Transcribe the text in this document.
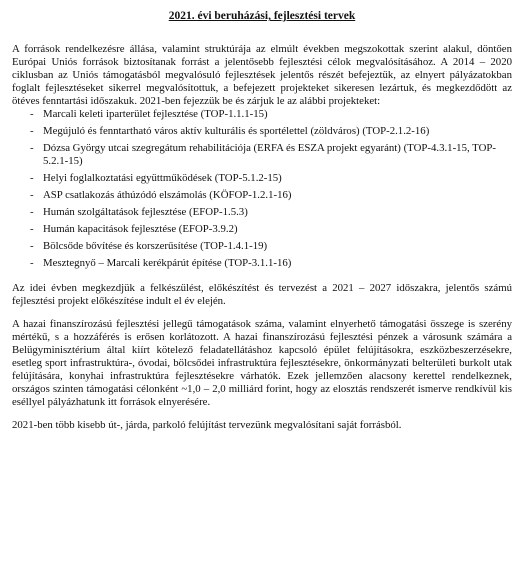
2021. évi beruházási, fejlesztési tervek

A források rendelkezésre állása, valamint struktúrája az elmúlt években megszokottak szerint alakul, döntően Európai Uniós források biztosítanak forrást a jelentősebb fejlesztési célok megvalósításához. A 2014 – 2020 ciklusban az Uniós támogatásból megvalósuló fejlesztések jelentős részét befejeztük, az elnyert pályázatokban foglalt fejlesztéseket sikerrel megvalósítottuk, a befejezett projekteket sikeresen lezártuk, és megkezdődött az ötéves fenntartási időszakuk. 2021-ben fejezzük be és zárjuk le az alábbi projekteket:

- Marcali keleti iparterület fejlesztése (TOP-1.1.1-15)
- Megújuló és fenntartható város aktív kulturális és sportélettel (zöldváros) (TOP-2.1.2-16)
- Dózsa György utcai szegregátum rehabilitációja (ERFA és ESZA projekt egyaránt) (TOP-4.3.1-15, TOP-5.2.1-15)
- Helyi foglalkoztatási együttműködések (TOP-5.1.2-15)
- ASP csatlakozás áthúzódó elszámolás (KÖFOP-1.2.1-16)
- Humán szolgáltatások fejlesztése (EFOP-1.5.3)
- Humán kapacitások fejlesztése (EFOP-3.9.2)
- Bölcsőde bővítése és korszerűsítése (TOP-1.4.1-19)
- Mesztegnyő – Marcali kerékpárút építése (TOP-3.1.1-16)

Az idei évben megkezdjük a felkészülést, előkészítést és tervezést a 2021 – 2027 időszakra, jelentős számú fejlesztési projekt előkészítése indult el év elején.

A hazai finanszírozású fejlesztési jellegű támogatások száma, valamint elnyerhető támogatási összege is szerény mértékű, s a hozzáférés is erősen korlátozott. A hazai finanszírozású fejlesztési pénzek a városunk számára a Belügyminisztérium által kiírt kötelező feladatellátáshoz kapcsoló épület felújításokra, eszközbeszerzésekre, esetleg sport infrastruktúra-, óvodai, bölcsődei infrastruktúra fejlesztésekre, önkormányzati belterületi burkolt utak felújítására, konyhai infrastruktúra fejlesztésekre várhatók. Ezek jellemzően alacsony kerettel rendelkeznek, országos szinten támogatási célonként ~1,0 – 2,0 milliárd forint, hogy az elosztás rendszerét ismerve rendkívül kis eséllyel pályázhatunk itt források elnyerésére.

2021-ben több kisebb út-, járda, parkoló felújítást tervezünk megvalósítani saját forrásból.
